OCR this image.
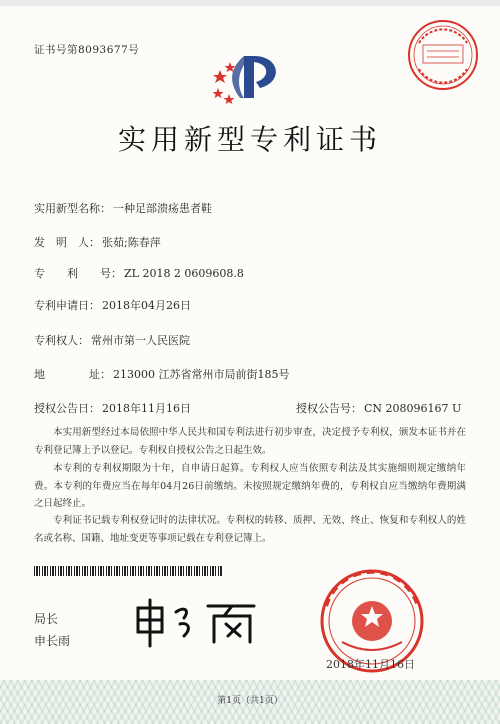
证书号第8093677号
实用新型专利证书
实用新型名称： 一种足部溃疡患者鞋
发　明　人： 张茹;陈春萍
专　　利　　号： ZL 2018 2 0609608.8
专利申请日： 2018年04月26日
专利权人： 常州市第一人民医院
地　　　　址： 213000 江苏省常州市局前街185号
授权公告日： 2018年11月16日	授权公告号： CN 208096167 U
本实用新型经过本局依照中华人民共和国专利法进行初步审查，决定授予专利权，颁发本证书并在专利登记簿上予以登记。专利权自授权公告之日起生效。
本专利的专利权期限为十年，自申请日起算。专利权人应当依照专利法及其实施细则规定缴纳年费。本专利的年费应当在每年04月26日前缴纳。未按照规定缴纳年费的，专利权自应当缴纳年费期满之日起终止。
专利证书记载专利权登记时的法律状况。专利权的转移、质押、无效、终止、恢复和专利权人的姓名或名称、国籍、地址变更等事项记载在专利登记簿上。
局长
申长雨
2018年11月16日
第1页（共1页）
